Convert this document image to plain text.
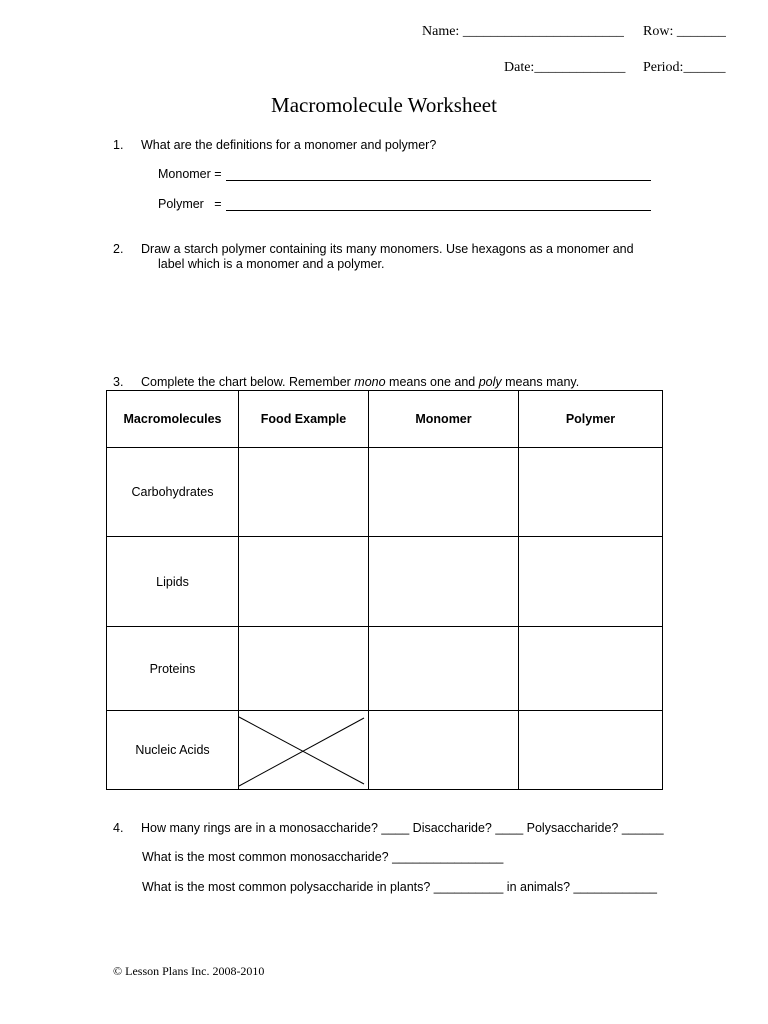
Name: _______________________ Row: _______
Date:_____________ Period:______
Macromolecule Worksheet
1. What are the definitions for a monomer and polymer?
Monomer =
Polymer   =
2. Draw a starch polymer containing its many monomers. Use hexagons as a monomer and
label which is a monomer and a polymer.
3. Complete the chart below. Remember mono means one and poly means many.
Macromolecules	Food Example	Monomer	Polymer
Carbohydrates			
Lipids			
Proteins			
Nucleic Acids	

4. How many rings are in a monosaccharide? ____ Disaccharide? ____ Polysaccharide? ______
What is the most common monosaccharide? ________________
What is the most common polysaccharide in plants? __________ in animals? ____________
© Lesson Plans Inc. 2008-2010
